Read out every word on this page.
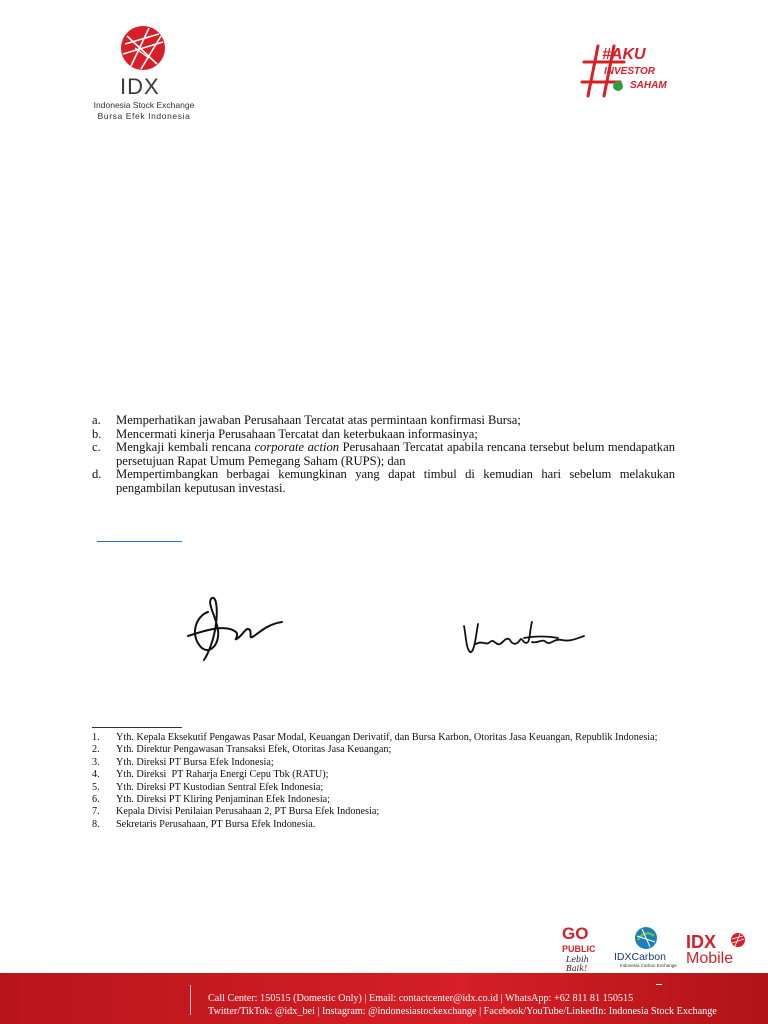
IDX
Indonesia Stock Exchange
Bursa Efek Indonesia
#AKU
INVESTOR
SAHAM

a. Memperhatikan jawaban Perusahaan Tercatat atas permintaan konfirmasi Bursa;

b. Mencermati kinerja Perusahaan Tercatat dan keterbukaan informasinya;

c. Mengkaji kembali rencana corporate action Perusahaan Tercatat apabila rencana tersebut belum mendapatkan persetujuan Rapat Umum Pemegang Saham (RUPS); dan

d. Mempertimbangkan berbagai kemungkinan yang dapat timbul di kemudian hari sebelum melakukan pengambilan keputusan investasi.

1. Yth. Kepala Eksekutif Pengawas Pasar Modal, Keuangan Derivatif, dan Bursa Karbon, Otoritas Jasa Keuangan, Republik Indonesia;

2. Yth. Direktur Pengawasan Transaksi Efek, Otoritas Jasa Keuangan;

3. Yth. Direksi PT Bursa Efek Indonesia;

4. Yth. Direksi  PT Raharja Energi Cepu Tbk (RATU);

5. Yth. Direksi PT Kustodian Sentral Efek Indonesia;

6. Yth. Direksi PT Kliring Penjaminan Efek Indonesia;

7. Kepala Divisi Penilaian Perusahaan 2, PT Bursa Efek Indonesia;

8. Sekretaris Perusahaan, PT Bursa Efek Indonesia.

GO
PUBLIC
Lebih Baik!
IDXCarbon
Indonesia Carbon Exchange
IDX
Mobile
Call Center: 150515 (Domestic Only) | Email: contactcenter@idx.co.id | WhatsApp: +62 811 81 150515
Twitter/TikTok: @idx_bei | Instagram: @indonesiastockexchange | Facebook/YouTube/LinkedIn: Indonesia Stock Exchange
